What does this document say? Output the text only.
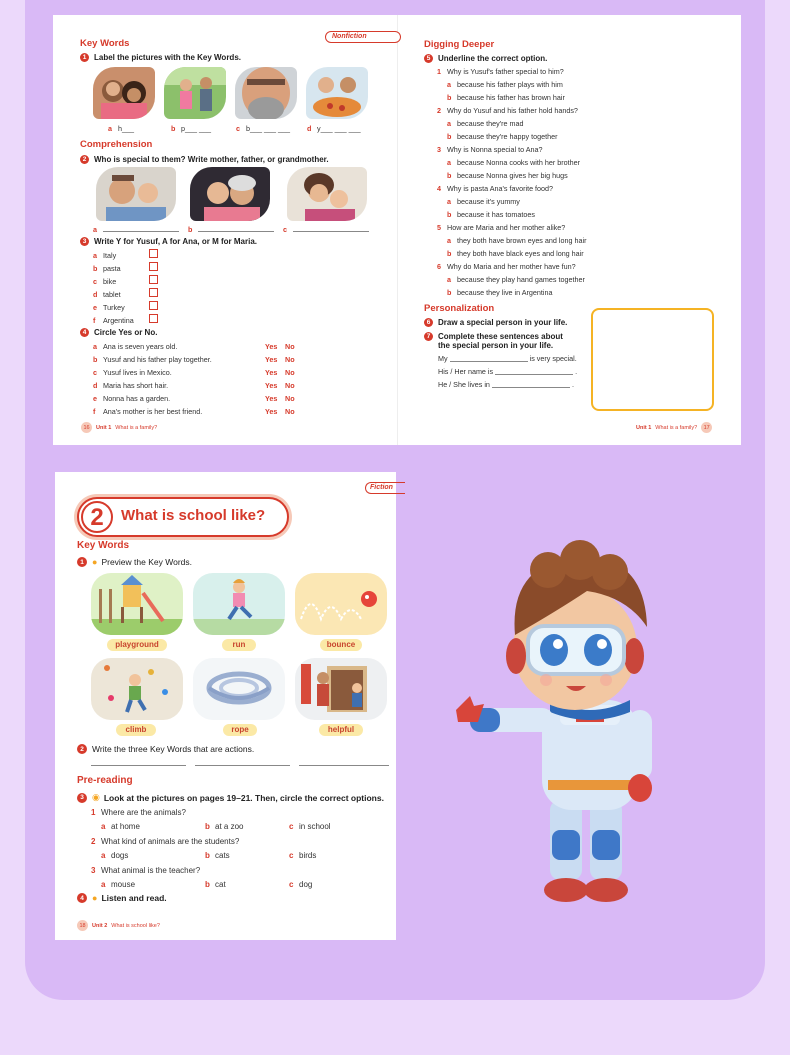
Nonfiction
Key Words
1 Label the pictures with the Key Words.
a h___	b p___ ___	c b___ ___ ___ d y___ ___ ___
Comprehension
2 Who is special to them? Write mother, father, or grandmother.
a	b	c
3 Write Y for Yusuf, A for Ana, or M for Maria.
a Italy
b pasta
c bike
d tablet
e Turkey
f	Argentina
4 Circle Yes or No.
a Ana is seven years old.	Yes No
b Yusuf and his father play together.	Yes No
c Yusuf lives in Mexico.	Yes No
d Maria has short hair.	Yes No
e Nonna has a garden.	Yes No
f	Ana's mother is her best friend.	Yes No
16	Unit 1 What is a family?
Digging Deeper
5 Underline the correct option.
1 Why is Yusuf's father special to him?
a because his father plays with him
b because his father has brown hair
2 Why do Yusuf and his father hold hands?
a because they're mad
b because they're happy together
3 Why is Nonna special to Ana?
a because Nonna cooks with her brother
b because Nonna gives her big hugs
4 Why is pasta Ana's favorite food?
a because it's yummy
b because it has tomatoes
5 How are Maria and her mother alike?
a they both have brown eyes and long hair
b they both have black eyes and long hair
6 Why do Maria and her mother have fun?
a because they play hand games together
b because they live in Argentina
Personalization
6 Draw a special person in your life.
7 Complete these sentences about
the special person in your life.
My	is very special.
His / Her name is	.
He / She lives in	.
Unit 1 What is a family?	17
Fiction
2	What is school like?
Key Words
1 ● Preview the Key Words.
playground	run	bounce
climb	rope	helpful
2 Write the three Key Words that are actions.
Pre-reading
3 ◉ Look at the pictures on pages 19–21. Then, circle the correct options.
1 Where are the animals?
a at home	b at a zoo	c in school
2 What kind of animals are the students?
a dogs	b cats	c birds
3 What animal is the teacher?
a mouse	b cat	c dog
4 ● Listen and read.
18	Unit 2 What is school like?
